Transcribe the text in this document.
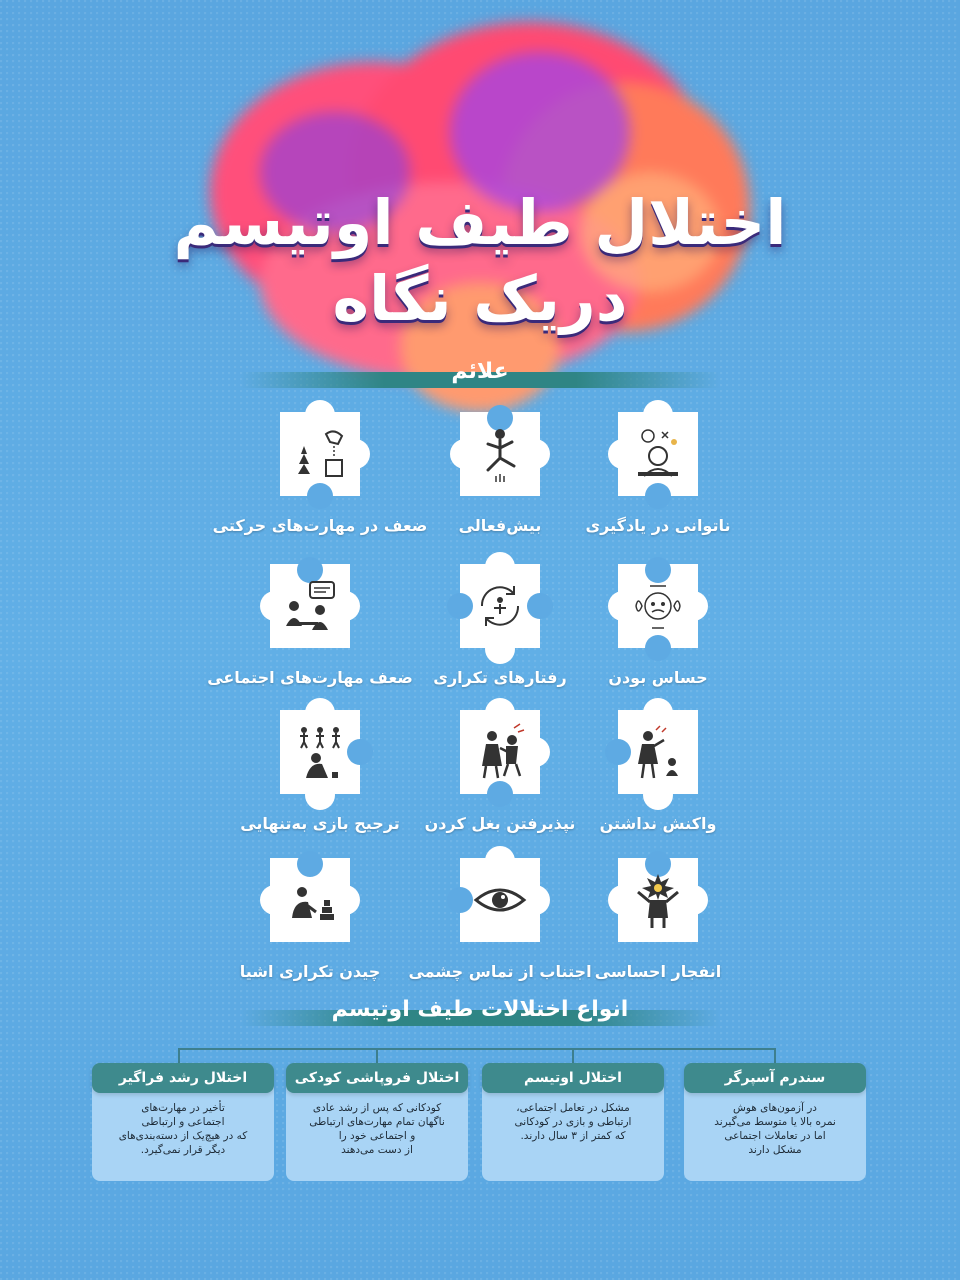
اختلال طیف اوتیسم
دریک نگاه
علائم
ناتوانی در یادگیری
بیش‌فعالی
ضعف در مهارت‌های حرکتی
حساس بودن
رفتارهای تکراری
ضعف مهارت‌های اجتماعی
واکنش نداشتن
نپذیرفتن بغل کردن
ترجیح بازی به‌تنهایی
انفجار احساسی
اجتناب از تماس چشمی
چیدن تکراری اشیا
انواع اختلالات طیف اوتیسم
در آزمون‌های هوش
نمره بالا یا متوسط می‌گیرند
اما در تعاملات اجتماعی
مشکل دارند
سندرم آسپرگر
مشکل در تعامل اجتماعی،
ارتباطی و بازی در کودکانی
که کمتر از ۳ سال دارند.
اختلال اوتیسم
کودکانی که پس از رشد عادی
ناگهان تمام مهارت‌های ارتباطی
و اجتماعی خود را
از دست می‌دهند
اختلال فروپاشی کودکی
تأخیر در مهارت‌های
اجتماعی و ارتباطی
که در هیچ‌یک از دسته‌بندی‌های
دیگر قرار نمی‌گیرد.
اختلال رشد فراگیر
